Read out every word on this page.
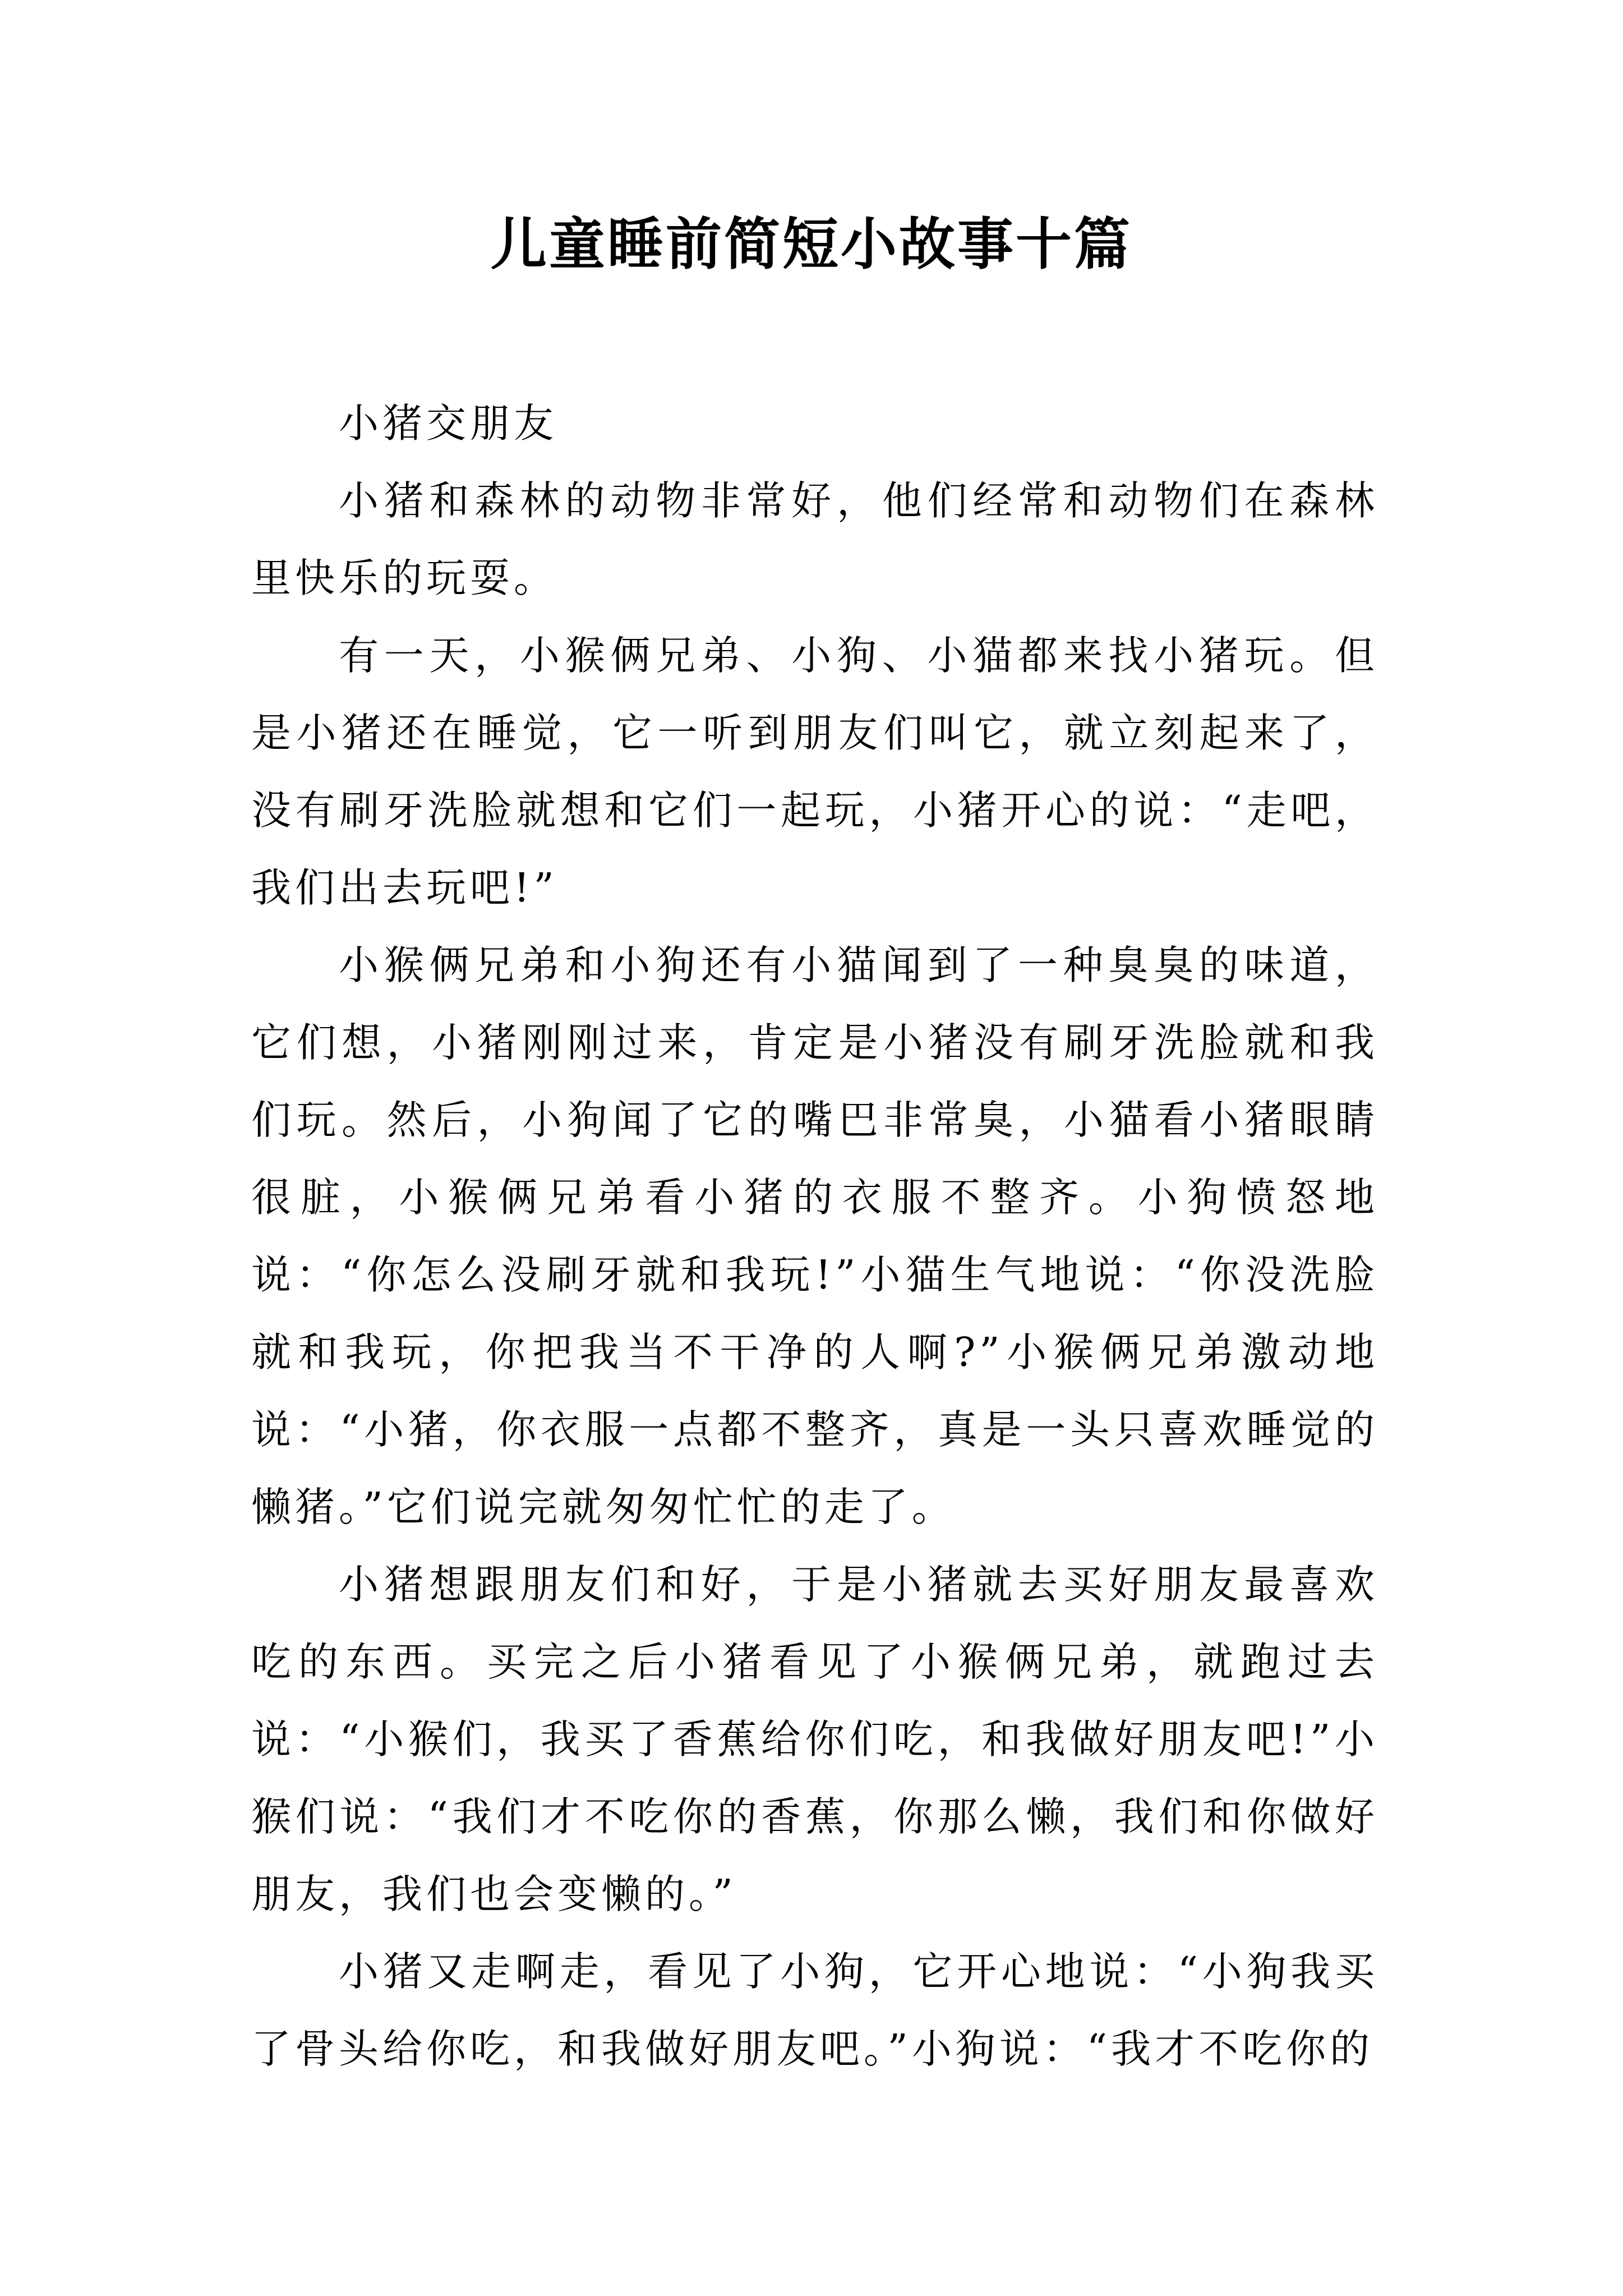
儿童睡前简短小故事十篇

小猪交朋友

小猪和森林的动物非常好，他们经常和动物们在森林里快乐的玩耍。

有一天，小猴俩兄弟、小狗、小猫都来找小猪玩。但是小猪还在睡觉，它一听到朋友们叫它，就立刻起来了，没有刷牙洗脸就想和它们一起玩，小猪开心的说：“走吧，我们出去玩吧!”

小猴俩兄弟和小狗还有小猫闻到了一种臭臭的味道，它们想，小猪刚刚过来，肯定是小猪没有刷牙洗脸就和我们玩。然后，小狗闻了它的嘴巴非常臭，小猫看小猪眼睛很脏，小猴俩兄弟看小猪的衣服不整齐。小狗愤怒地说：“你怎么没刷牙就和我玩!”小猫生气地说：“你没洗脸就和我玩，你把我当不干净的人啊?”小猴俩兄弟激动地说：“小猪，你衣服一点都不整齐，真是一头只喜欢睡觉的懒猪。”它们说完就匆匆忙忙的走了。

小猪想跟朋友们和好，于是小猪就去买好朋友最喜欢吃的东西。买完之后小猪看见了小猴俩兄弟，就跑过去说：“小猴们，我买了香蕉给你们吃，和我做好朋友吧!”小猴们说：“我们才不吃你的香蕉，你那么懒，我们和你做好朋友，我们也会变懒的。”

小猪又走啊走，看见了小狗，它开心地说：“小狗我买了骨头给你吃，和我做好朋友吧。”小狗说：“我才不吃你的
